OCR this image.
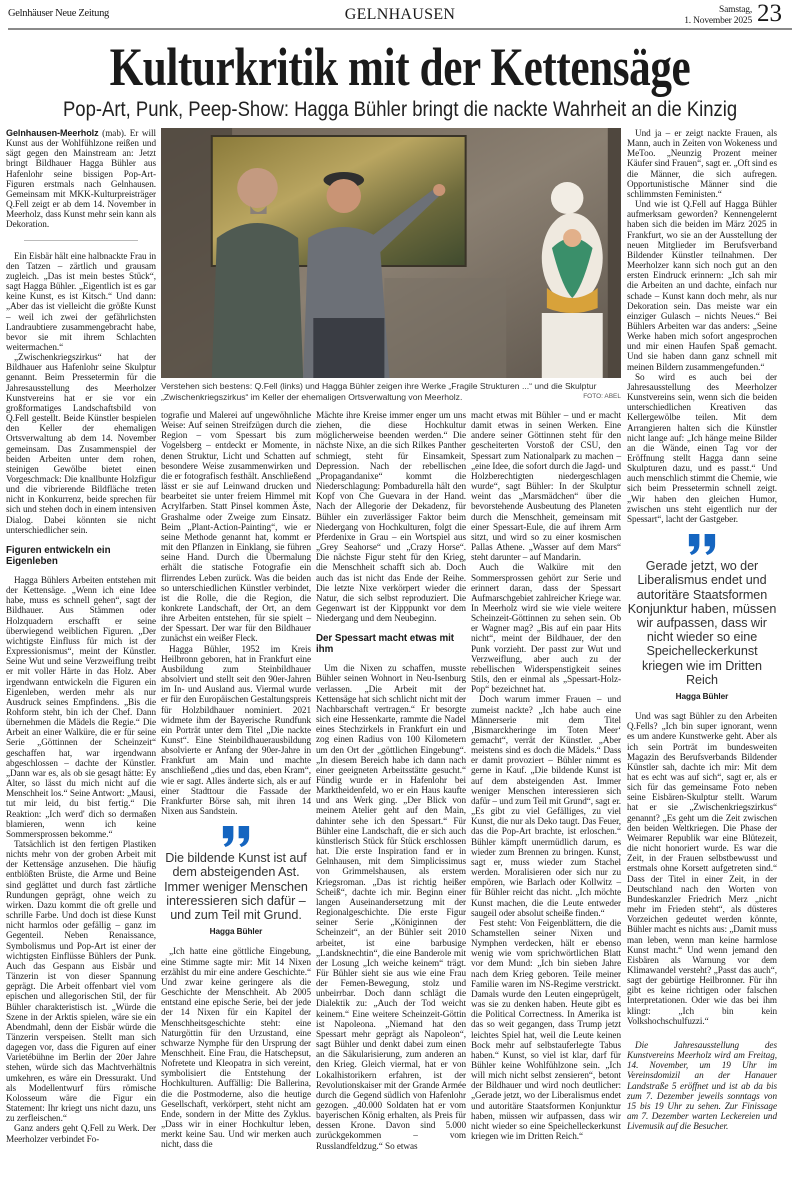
Gelnhäuser Neue Zeitung	GELNHAUSEN	Samstag,
1. November 2025 23
Kulturkritik mit der Kettensäge
Pop-Art, Punk, Peep-Show: Hagga Bühler bringt die nackte Wahrheit an die Kinzig
Verstehen sich bestens: Q.Fell (links) und Hagga Bühler zeigen ihre Werke „Fragile Strukturen ...“ und die Skulptur „Zwischenkriegszirkus“ im Keller der ehemaligen Ortsverwaltung von Meerholz.	FOTO: ABEL

Gelnhausen-Meerholz (mab). Er will Kunst aus der Wohlfühlzone reißen und sägt gegen den Mainstream an: Jetzt bringt Bildhauer Hagga Bühler aus Hafenlohr seine bissigen Pop-Art-Figuren erstmals nach Gelnhausen. Gemeinsam mit MKK-Kulturpreisträger Q.Fell zeigt er ab dem 14. November in Meerholz, dass Kunst mehr sein kann als Dekoration.

Ein Eisbär hält eine halbnackte Frau in den Tatzen – zärtlich und grausam zugleich. „Das ist mein bestes Stück“, sagt Hagga Bühler. „Eigentlich ist es gar keine Kunst, es ist Kitsch.“ Und dann: „Aber das ist vielleicht die größte Kunst – weil ich zwei der gefährlichsten Landraubtiere zusammengebracht habe, bevor sie mit ihrem Schlachten weitermachen.“

„Zwischenkriegszirkus“ hat der Bildhauer aus Hafenlohr seine Skulptur genannt. Beim Pressetermin für die Jahresausstellung des Meerholzer Kunstvereins hat er sie vor ein großformatiges Landschaftsbild von Q.Fell gestellt. Beide Künstler bespielen den Keller der ehemaligen Ortsverwaltung ab dem 14. November gemeinsam. Das Zusammenspiel der beiden Arbeiten unter dem rohen, steinigen Gewölbe bietet einen Vorgeschmack: Die knallbunte Holzfigur und die vibrierende Bildfläche treten nicht in Konkurrenz, beide sprechen für sich und stehen doch in einem intensiven Dialog. Dabei könnten sie nicht unterschiedlicher sein.

Figuren entwickeln ein Eigenleben

Hagga Bühlers Arbeiten entstehen mit der Kettensäge. „Wenn ich eine Idee habe, muss es schnell gehen“, sagt der Bildhauer. Aus Stämmen oder Holzquadern erschafft er seine überwiegend weiblichen Figuren. „Der wichtigste Einfluss für mich ist der Expressionismus“, meint der Künstler. Seine Wut und seine Verzweiflung treibt er mit voller Härte in das Holz. Aber irgendwann entwickeln die Figuren ein Eigenleben, werden mehr als nur Ausdruck seines Empfindens. „Bis die Rohform steht, bin ich der Chef. Dann übernehmen die Mädels die Regie.“ Die Arbeit an einer Walküre, die er für seine Serie „Göttinnen der Scheinzeit“ geschaffen hat, war irgendwann abgeschlossen – dachte der Künstler. „Dann war es, als ob sie gesagt hätte: Ey Alter, so lässt du mich nicht auf die Menschheit los.“ Seine Antwort: „Mausi, tut mir leid, du bist fertig.“ Die Reaktion: „Ich werd' dich so dermaßen blamieren, wenn ich keine Sommersprossen bekomme.“

Tatsächlich ist den fertigen Plastiken nichts mehr von der groben Arbeit mit der Kettensäge anzusehen. Die häufig entblößten Brüste, die Arme und Beine sind geglättet und durch fast zärtliche Rundungen geprägt, ohne weich zu wirken. Dazu kommt die oft grelle und schrille Farbe. Und doch ist diese Kunst nicht harmlos oder gefällig – ganz im Gegenteil. Neben Renaissance, Symbolismus und Pop-Art ist einer der wichtigsten Einflüsse Bühlers der Punk. Auch das Gespann aus Eisbär und Tänzerin ist von dieser Spannung geprägt. Die Arbeit offenbart viel vom epischen und allegorischen Stil, der für Bühler charakteristisch ist. „Würde die Szene in der Arktis spielen, wäre sie ein Abendmahl, denn der Eisbär würde die Tänzerin verspeisen. Stellt man sich dagegen vor, dass die Figuren auf einer Varietébühne im Berlin der 20er Jahre stehen, würde sich das Machtverhältnis umkehren, es wäre ein Dressurakt. Und als Modellentwurf fürs römische Kolosseum wäre die Figur ein Statement: Ihr kriegt uns nicht dazu, uns zu zerfleischen.“

Ganz anders geht Q.Fell zu Werk. Der Meerholzer verbindet Fo-

tografie und Malerei auf ungewöhnliche Weise: Auf seinen Streifzügen durch die Region – vom Spessart bis zum Vogelsberg – entdeckt er Momente, in denen Struktur, Licht und Schatten auf besondere Weise zusammenwirken und die er fotografisch festhält. Anschließend lässt er sie auf Leinwand drucken und bearbeitet sie unter freiem Himmel mit Acrylfarben. Statt Pinsel kommen Äste, Grashalme oder Zweige zum Einsatz. Beim „Plant-Action-Painting“, wie er seine Methode genannt hat, kommt er mit den Pflanzen in Einklang, sie führen seine Hand. Durch die Übermalung erhält die statische Fotografie ein flirrendes Leben zurück. Was die beiden so unterschiedlichen Künstler verbindet, ist die Rolle, die die Region, die konkrete Landschaft, der Ort, an dem ihre Arbeiten entstehen, für sie spielt – der Spessart. Der war für den Bildhauer zunächst ein weißer Fleck.

Hagga Bühler, 1952 im Kreis Heilbronn geboren, hat in Frankfurt eine Ausbildung zum Steinbildhauer absolviert und stellt seit den 90er-Jahren im In- und Ausland aus. Viermal wurde er für den Europäischen Gestaltungspreis für Holzbildhauer nominiert. 2021 widmete ihm der Bayerische Rundfunk ein Porträt unter dem Titel „Die nackte Kunst“. Eine Steinbildhauerausbildung absolvierte er Anfang der 90er-Jahre in Frankfurt am Main und machte anschließend „dies und das, eben Kram“, wie er sagt. Alles änderte sich, als er auf einer Stadttour die Fassade der Frankfurter Börse sah, mit ihren 14 Nixen aus Sandstein.

Die bildende Kunst ist auf dem absteigenden Ast. Immer weniger Menschen interessieren sich dafür – und zum Teil mit Grund.
Hagga Bühler

„Ich hatte eine göttliche Eingebung, eine Stimme sagte mir: Mit 14 Nixen erzählst du mir eine andere Geschichte.“ Und zwar keine geringere als die Geschichte der Menschheit. Ab 2005 entstand eine epische Serie, bei der jede der 14 Nixen für ein Kapitel der Menschheitsgeschichte steht: eine Naturgöttin für den Urzustand, eine schwarze Nymphe für den Ursprung der Menschheit. Eine Frau, die Hatschepsut, Nofretete und Kleopatra in sich vereint, symbolisiert die Entstehung der Hochkulturen. Auffällig: Die Ballerina, die die Postmoderne, also die heutige Gesellschaft, verkörpert, steht nicht am Ende, sondern in der Mitte des Zyklus. „Dass wir in einer Hochkultur leben, merkt keine Sau. Und wir merken auch nicht, dass die

Mächte ihre Kreise immer enger um uns ziehen, die diese Hochkultur möglicherweise beenden werden.“ Die nächste Nixe, an die sich Rilkes Panther schmiegt, steht für Einsamkeit, Depression. Nach der rebellischen „Propagandanixe“ kommt die Niederschlagung: Pombadurella hält den Kopf von Che Guevara in der Hand. Nach der Allegorie der Dekadenz, für Bühler ein zuverlässiger Faktor beim Niedergang von Hochkulturen, folgt die Pferdenixe in Grau – ein Wortspiel aus „Grey Seahorse“ und „Crazy Horse“. Die nächste Figur steht für den Krieg, die Menschheit schafft sich ab. Doch auch das ist nicht das Ende der Reihe. Die letzte Nixe verkörpert wieder die Natur, die sich selbst reproduziert. Die Gegenwart ist der Kipppunkt vor dem Niedergang und dem Neubeginn.

Der Spessart macht etwas mit ihm

Um die Nixen zu schaffen, musste Bühler seinen Wohnort in Neu-Isenburg verlassen. „Die Arbeit mit der Kettensäge hat sich schlicht nicht mit der Nachbarschaft vertragen.“ Er besorgte sich eine Hessenkarte, rammte die Nadel eines Stechzirkels in Frankfurt ein und zog einen Radius von 100 Kilometern um den Ort der „göttlichen Eingebung“. „In diesem Bereich habe ich dann nach einer geeigneten Arbeitsstätte gesucht.“ Fündig wurde er in Hafenlohr bei Marktheidenfeld, wo er ein Haus kaufte und ans Werk ging. „Der Blick von meinem Atelier geht auf den Main, dahinter sehe ich den Spessart.“ Für Bühler eine Landschaft, die er sich auch künstlerisch Stück für Stück erschlossen hat. Die erste Inspiration fand er in Gelnhausen, mit dem Simplicissimus von Grimmelshausen, als erstem Kriegsroman. „Das ist richtig heißer Scheiß“, dachte ich mir. Beginn einer langen Auseinandersetzung mit der Regionalgeschichte. Die erste Figur seiner Serie „Königinnen der Scheinzeit“, an der Bühler seit 2010 arbeitet, ist eine barbusige „Landsknechtin“, die eine Banderole mit der Losung „Ich weiche keinem“ trägt. Für Bühler sieht sie aus wie eine Frau der Femen-Bewegung, stolz und unbeirrbar. Doch dann schlägt die Dialektik zu: „Auch der Tod weicht keinem.“ Eine weitere Scheinzeit-Göttin ist Napoleona. „Niemand hat den Spessart mehr geprägt als Napoleon“, sagt Bühler und denkt dabei zum einen an die Säkularisierung, zum anderen an den Krieg. Gleich viermal, hat er von Lokalhistorikern erfahren, ist der Revolutionskaiser mit der Grande Armée durch die Gegend südlich von Hafenlohr gezogen. „40.000 Soldaten hat er vom bayerischen König erhalten, als Preis für dessen Krone. Davon sind 5.000 zurückgekommen – vom Russlandfeldzug.“ So etwas

macht etwas mit Bühler – und er macht damit etwas in seinen Werken. Eine andere seiner Göttinnen steht für den gescheiterten Vorstoß der CSU, den Spessart zum Nationalpark zu machen – „eine Idee, die sofort durch die Jagd- und Holzberechtigten niedergeschlagen wurde“, sagt Bühler: In der Skulptur weint das „Marsmädchen“ über die bevorstehende Ausbeutung des Planeten durch die Menschheit, gemeinsam mit einer Spessart-Eule, die auf ihrem Arm sitzt, und wird so zu einer kosmischen Pallas Athene. „Wasser auf dem Mars“ steht darunter – auf Mandarin.

Auch die Walküre mit den Sommersprossen gehört zur Serie und erinnert daran, dass der Spessart Aufmarschgebiet zahlreicher Kriege war. In Meerholz wird sie wie viele weitere Scheinzeit-Göttinnen zu sehen sein. Ob er Wagner mag? „Bis auf ein paar Hits nicht“, meint der Bildhauer, der den Punk vorzieht. Der passt zur Wut und Verzweiflung, aber auch zu der rebellischen Widerspenstigkeit seines Stils, den er einmal als „Spessart-Holz-Pop“ bezeichnet hat.

Doch warum immer Frauen – und zumeist nackte? „Ich habe auch eine Männerserie mit dem Titel ‚Bismarckheringe im Toten Meer‘ gemacht“, verrät der Künstler. „Aber meistens sind es doch die Mädels.“ Dass er damit provoziert – Bühler nimmt es gerne in Kauf. „Die bildende Kunst ist auf dem absteigenden Ast. Immer weniger Menschen interessieren sich dafür – und zum Teil mit Grund“, sagt er. „Es gibt zu viel Gefälliges, zu viel Kunst, die nur als Deko taugt. Das Feuer, das die Pop-Art brachte, ist erloschen.“ Bühler kämpft unermüdlich darum, es wieder zum Brennen zu bringen. Kunst, sagt er, muss wieder zum Stachel werden. Moralisieren oder sich nur zu empören, wie Barlach oder Kollwitz – für Bühler reicht das nicht. „Ich möchte Kunst machen, die die Leute entweder saugeil oder absolut scheiße finden.“

Fest steht: Von Feigenblättern, die die Schamstellen seiner Nixen und Nymphen verdecken, hält er ebenso wenig wie vom sprichwörtlichen Blatt vor dem Mund: „Ich bin sieben Jahre nach dem Krieg geboren. Teile meiner Familie waren im NS-Regime verstrickt. Damals wurde den Leuten eingeprügelt, was sie zu denken haben. Heute gibt es die Political Correctness. In Amerika ist das so weit gegangen, dass Trump jetzt leichtes Spiel hat, weil die Leute keinen Bock mehr auf selbstauferlegte Tabus haben.“ Kunst, so viel ist klar, darf für Bühler keine Wohlfühlzone sein. „Ich will mich nicht selbst zensieren“, betont der Bildhauer und wird noch deutlicher: „Gerade jetzt, wo der Liberalismus endet und autoritäre Staatsformen Konjunktur haben, müssen wir aufpassen, dass wir nicht wieder so eine Speichelleckerkunst kriegen wie im Dritten Reich.“

Und ja – er zeigt nackte Frauen, als Mann, auch in Zeiten von Wokeness und MeToo. „Neunzig Prozent meiner Käufer sind Frauen“, sagt er. „Oft sind es die Männer, die sich aufregen. Opportunistische Männer sind die schlimmsten Feministen.“

Und wie ist Q.Fell auf Hagga Bühler aufmerksam geworden? Kennengelernt haben sich die beiden im März 2025 in Frankfurt, wo sie an der Ausstellung der neuen Mitglieder im Berufsverband Bildender Künstler teilnahmen. Der Meerholzer kann sich noch gut an den ersten Eindruck erinnern: „Ich sah mir die Arbeiten an und dachte, einfach nur schade – Kunst kann doch mehr, als nur Dekoration sein. Das meiste war ein einziger Gulasch – nichts Neues.“ Bei Bühlers Arbeiten war das anders: „Seine Werke haben mich sofort angesprochen und mir einen Haufen Spaß gemacht. Und sie haben dann ganz schnell mit meinen Bildern zusammengefunden.“

So wird es auch bei der Jahresausstellung des Meerholzer Kunstvereins sein, wenn sich die beiden unterschiedlichen Kreativen das Kellergewölbe teilen. Mit dem Arrangieren halten sich die Künstler nicht lange auf: „Ich hänge meine Bilder an die Wände, einen Tag vor der Eröffnung stellt Hagga dann seine Skulpturen dazu, und es passt.“ Und auch menschlich stimmt die Chemie, wie sich beim Pressetermin schnell zeigt. „Wir haben den gleichen Humor, zwischen uns steht eigentlich nur der Spessart“, lacht der Gastgeber.

Gerade jetzt, wo der Liberalismus endet und autoritäre Staatsformen Konjunktur haben, müssen wir aufpassen, dass wir nicht wieder so eine Speichelleckerkunst kriegen wie im Dritten Reich
Hagga Bühler

Und was sagt Bühler zu den Arbeiten Q.Fells? „Ich bin super ignorant, wenn es um andere Kunstwerke geht. Aber als ich sein Porträt im bundesweiten Magazin des Berufsverbands Bildender Künstler sah, dachte ich mir: Mit dem hat es echt was auf sich“, sagt er, als er sich für das gemeinsame Foto neben seine Eisbären-Skulptur stellt. Warum hat er sie „Zwischenkriegszirkus“ genannt? „Es geht um die Zeit zwischen den beiden Weltkriegen. Die Phase der Weimarer Republik war eine Blütezeit, die nicht honoriert wurde. Es war die Zeit, in der Frauen selbstbewusst und erstmals ohne Korsett aufgetreten sind.“ Dass der Titel in einer Zeit, in der Deutschland nach den Worten von Bundeskanzler Friedrich Merz „nicht mehr im Frieden steht“, als düsteres Vorzeichen gedeutet werden könnte, Bühler macht es nichts aus: „Damit muss man leben, wenn man keine harmlose Kunst macht.“ Und wenn jemand den Eisbären als Warnung vor dem Klimawandel versteht? „Passt das auch“, sagt der gebürtige Heilbronner. Für ihn gibt es keine richtigen oder falschen Interpretationen. Oder wie das bei ihm klingt: „Ich bin kein Volkshochschulfuzzi.“

Die Jahresausstellung des Kunstvereins Meerholz wird am Freitag, 14. November, um 19 Uhr im Vereinsdomizil an der Hanauer Landstraße 5 eröffnet und ist ab da bis zum 7. Dezember jeweils sonntags von 15 bis 19 Uhr zu sehen. Zur Finissage am 7. Dezember warten Leckereien und Livemusik auf die Besucher.
